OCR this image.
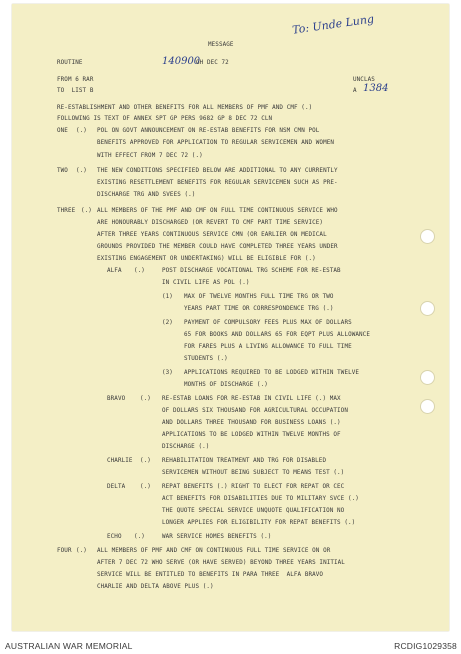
MESSAGE
To: Unde Lung
ROUTINE	140900
GH DEC 72
FROM 6 RAR	UNCLAS
TO  LIST B	A 1384
RE-ESTABLISHMENT AND OTHER BENEFITS FOR ALL MEMBERS OF PMF AND CMF (.)
FOLLOWING IS TEXT OF ANNEX SPT GP PERS 9682 GP 8 DEC 72 CLN
ONE (.) POL ON GOVT ANNOUNCEMENT ON RE-ESTAB BENEFITS FOR NSM CMN POL
BENEFITS APPROVED FOR APPLICATION TO REGULAR SERVICEMEN AND WOMEN
WITH EFFECT FROM 7 DEC 72 (.)
TWO (.) THE NEW CONDITIONS SPECIFIED BELOW ARE ADDITIONAL TO ANY CURRENTLY
EXISTING RESETTLEMENT BENEFITS FOR REGULAR SERVICEMEN SUCH AS PRE-
DISCHARGE TRG AND SVEES (.)
THREE (.) ALL MEMBERS OF THE PMF AND CMF ON FULL TIME CONTINUOUS SERVICE WHO
ARE HONOURABLY DISCHARGED (OR REVERT TO CMF PART TIME SERVICE)
AFTER THREE YEARS CONTINUOUS SERVICE CMN (OR EARLIER ON MEDICAL
GROUNDS PROVIDED THE MEMBER COULD HAVE COMPLETED THREE YEARS UNDER
EXISTING ENGAGEMENT OR UNDERTAKING) WILL BE ELIGIBLE FOR (.)
ALFA (.)	POST DISCHARGE VOCATIONAL TRG SCHEME FOR RE-ESTAB
IN CIVIL LIFE AS POL (.)
(1) MAX OF TWELVE MONTHS FULL TIME TRG OR TWO
YEARS PART TIME OR CORRESPONDENCE TRG (.)
(2) PAYMENT OF COMPULSORY FEES PLUS MAX OF DOLLARS
65 FOR BOOKS AND DOLLARS 65 FOR EQPT PLUS ALLOWANCE
FOR FARES PLUS A LIVING ALLOWANCE TO FULL TIME
STUDENTS (.)
(3) APPLICATIONS REQUIRED TO BE LODGED WITHIN TWELVE
MONTHS OF DISCHARGE (.)
BRAVO	(.) RE-ESTAB LOANS FOR RE-ESTAB IN CIVIL LIFE (.) MAX
OF DOLLARS SIX THOUSAND FOR AGRICULTURAL OCCUPATION
AND DOLLARS THREE THOUSAND FOR BUSINESS LOANS (.)
APPLICATIONS TO BE LODGED WITHIN TWELVE MONTHS OF
DISCHARGE (.)
CHARLIE (.) REHABILITATION TREATMENT AND TRG FOR DISABLED
SERVICEMEN WITHOUT BEING SUBJECT TO MEANS TEST (.)
DELTA	(.) REPAT BENEFITS (.) RIGHT TO ELECT FOR REPAT OR CEC
ACT BENEFITS FOR DISABILITIES DUE TO MILITARY SVCE (.)
THE QUOTE SPECIAL SERVICE UNQUOTE QUALIFICATION NO
LONGER APPLIES FOR ELIGIBILITY FOR REPAT BENEFITS (.)
ECHO (.)	WAR SERVICE HOMES BENEFITS (.)
FOUR (.) ALL MEMBERS OF PMF AND CMF ON CONTINUOUS FULL TIME SERVICE ON OR
AFTER 7 DEC 72 WHO SERVE (OR HAVE SERVED) BEYOND THREE YEARS INITIAL
SERVICE WILL BE ENTITLED TO BENEFITS IN PARA THREE  ALFA BRAVO
CHARLIE AND DELTA ABOVE PLUS (.)
AUSTRALIAN WAR MEMORIAL	RCDIG1029358
